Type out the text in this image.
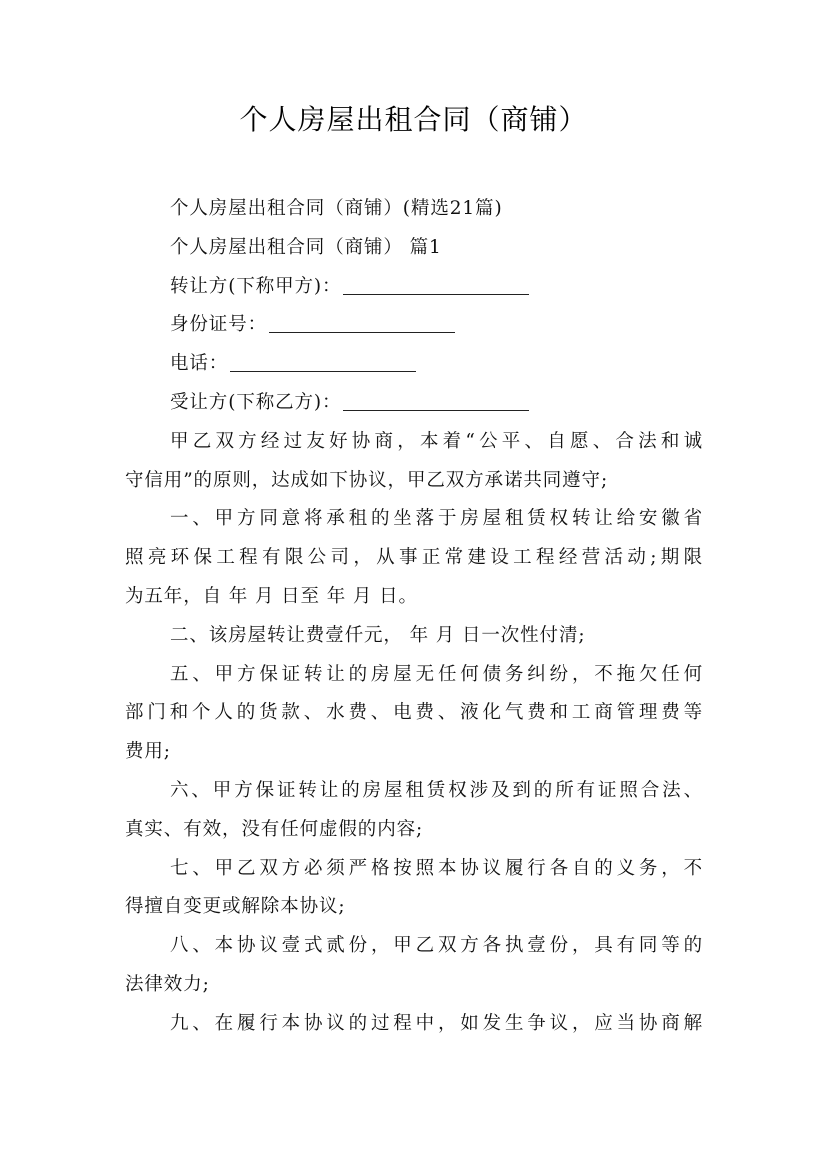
个人房屋出租合同（商铺）
个人房屋出租合同（商铺）(精选21篇)
个人房屋出租合同（商铺） 篇1
转让方(下称甲方)：
身份证号：
电话：
受让方(下称乙方)：
甲乙双方经过友好协商，本着“公平、自愿、合法和诚
守信用”的原则，达成如下协议，甲乙双方承诺共同遵守;
一、甲方同意将承租的坐落于房屋租赁权转让给安徽省
照亮环保工程有限公司，从事正常建设工程经营活动;期限
为五年，自 年 月 日至 年 月 日。
二、该房屋转让费壹仟元， 年 月 日一次性付清;
五、甲方保证转让的房屋无任何债务纠纷，不拖欠任何
部门和个人的货款、水费、电费、液化气费和工商管理费等
费用;
六、甲方保证转让的房屋租赁权涉及到的所有证照合法、
真实、有效，没有任何虚假的内容;
七、甲乙双方必须严格按照本协议履行各自的义务，不
得擅自变更或解除本协议;
八、本协议壹式贰份，甲乙双方各执壹份，具有同等的
法律效力;
九、在履行本协议的过程中，如发生争议，应当协商解
